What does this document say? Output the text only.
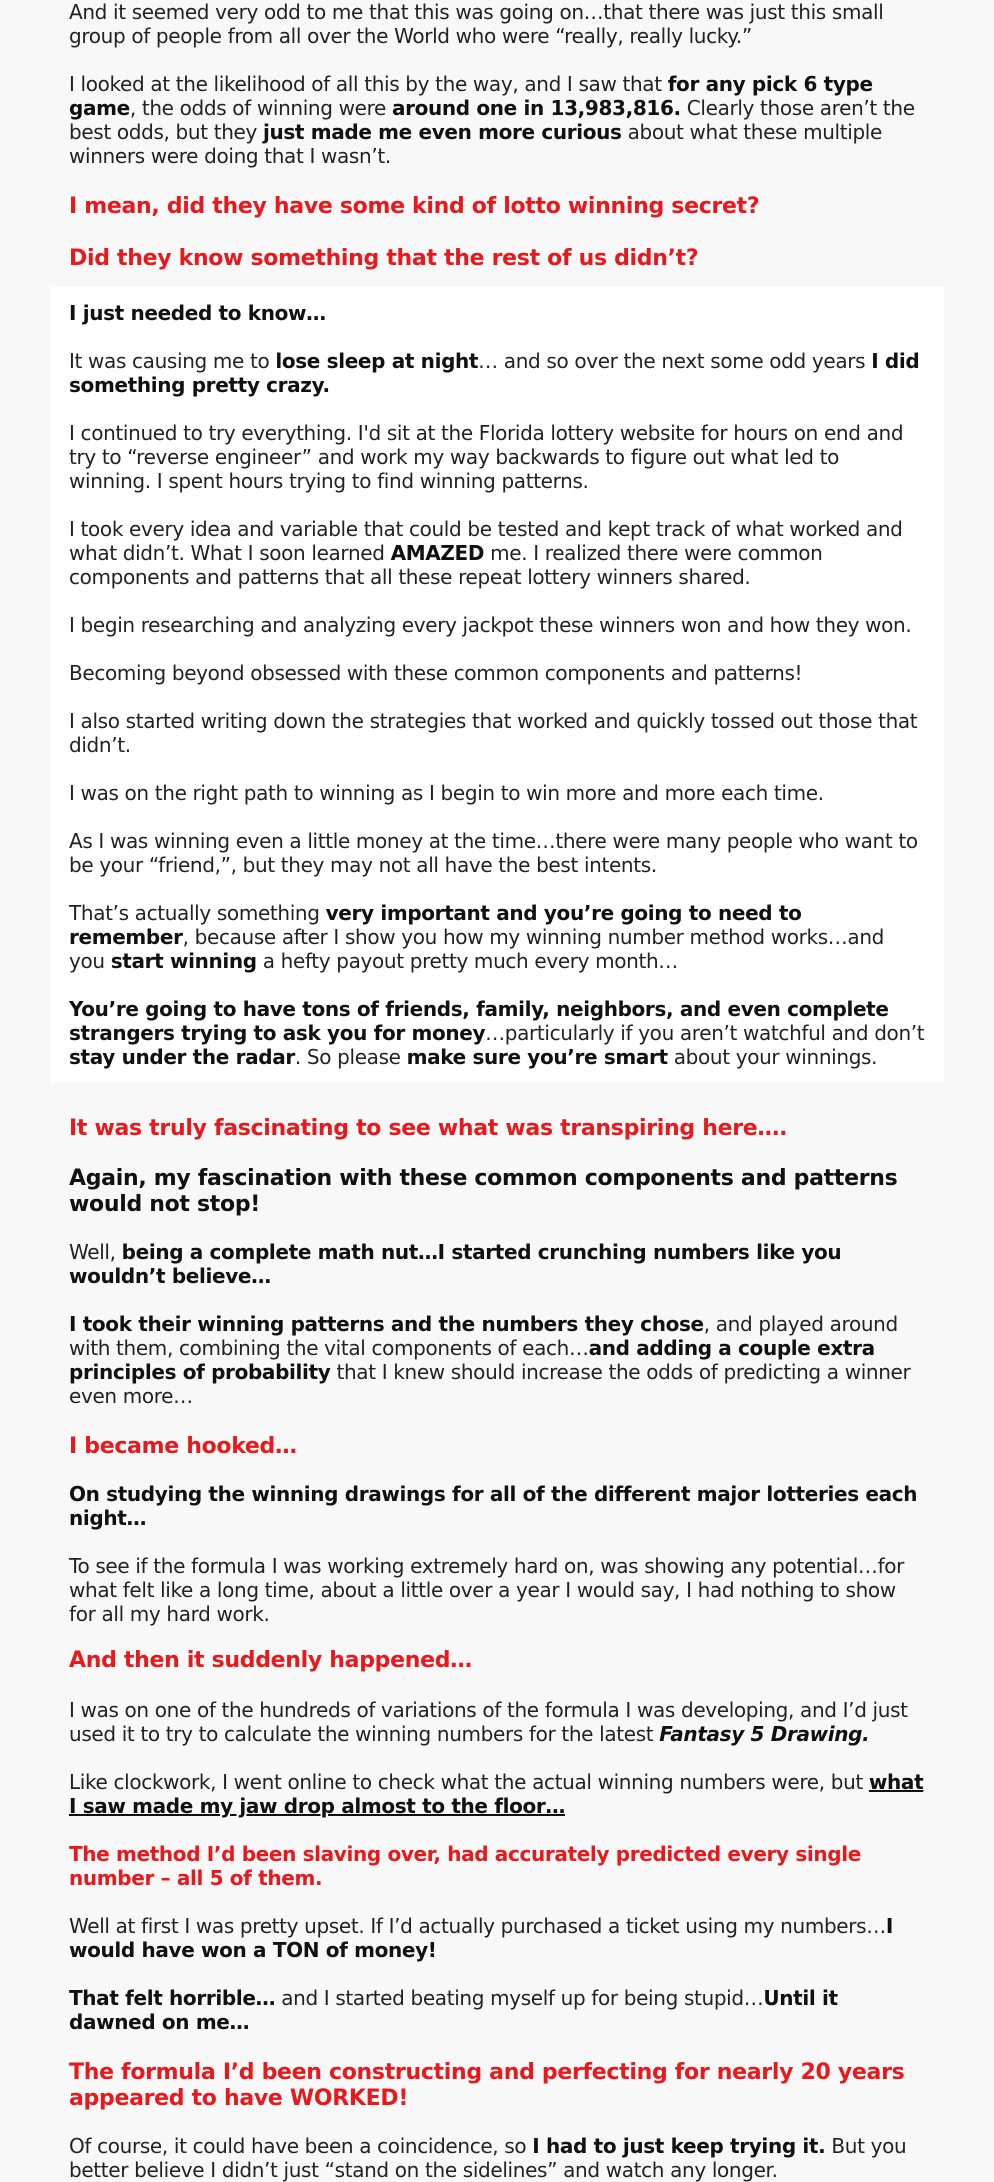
And it seemed very odd to me that this was going on…that there was just this small group of people from all over the World who were “really, really lucky.”

I looked at the likelihood of all this by the way, and I saw that for any pick 6 type game, the odds of winning were around one in 13,983,816. Clearly those aren’t the best odds, but they just made me even more curious about what these multiple winners were doing that I wasn’t.

I mean, did they have some kind of lotto winning secret?

Did they know something that the rest of us didn’t?

I just needed to know…

It was causing me to lose sleep at night… and so over the next some odd years I did something pretty crazy.

I continued to try everything. I'd sit at the Florida lottery website for hours on end and try to “reverse engineer” and work my way backwards to figure out what led to winning. I spent hours trying to find winning patterns.

I took every idea and variable that could be tested and kept track of what worked and what didn’t. What I soon learned AMAZED me. I realized there were common components and patterns that all these repeat lottery winners shared.

I begin researching and analyzing every jackpot these winners won and how they won.

Becoming beyond obsessed with these common components and patterns!

I also started writing down the strategies that worked and quickly tossed out those that didn’t.

I was on the right path to winning as I begin to win more and more each time.

As I was winning even a little money at the time…there were many people who want to be your “friend,”, but they may not all have the best intents.

That’s actually something very important and you’re going to need to remember, because after I show you how my winning number method works…and you start winning a hefty payout pretty much every month…

You’re going to have tons of friends, family, neighbors, and even complete strangers trying to ask you for money…particularly if you aren’t watchful and don’t stay under the radar. So please make sure you’re smart about your winnings.

It was truly fascinating to see what was transpiring here….

Again, my fascination with these common components and patterns would not stop!

Well, being a complete math nut…I started crunching numbers like you wouldn’t believe…

I took their winning patterns and the numbers they chose, and played around with them, combining the vital components of each…and adding a couple extra principles of probability that I knew should increase the odds of predicting a winner even more…

I became hooked…

On studying the winning drawings for all of the different major lotteries each night…

To see if the formula I was working extremely hard on, was showing any potential…for what felt like a long time, about a little over a year I would say, I had nothing to show for all my hard work.

And then it suddenly happened…

I was on one of the hundreds of variations of the formula I was developing, and I’d just used it to try to calculate the winning numbers for the latest Fantasy 5 Drawing.

Like clockwork, I went online to check what the actual winning numbers were, but what I saw made my jaw drop almost to the floor…

The method I’d been slaving over, had accurately predicted every single number – all 5 of them.

Well at first I was pretty upset. If I’d actually purchased a ticket using my numbers…I would have won a TON of money!

That felt horrible… and I started beating myself up for being stupid…Until it dawned on me…

The formula I’d been constructing and perfecting for nearly 20 years appeared to have WORKED!

Of course, it could have been a coincidence, so I had to just keep trying it. But you better believe I didn’t just “stand on the sidelines” and watch any longer.
